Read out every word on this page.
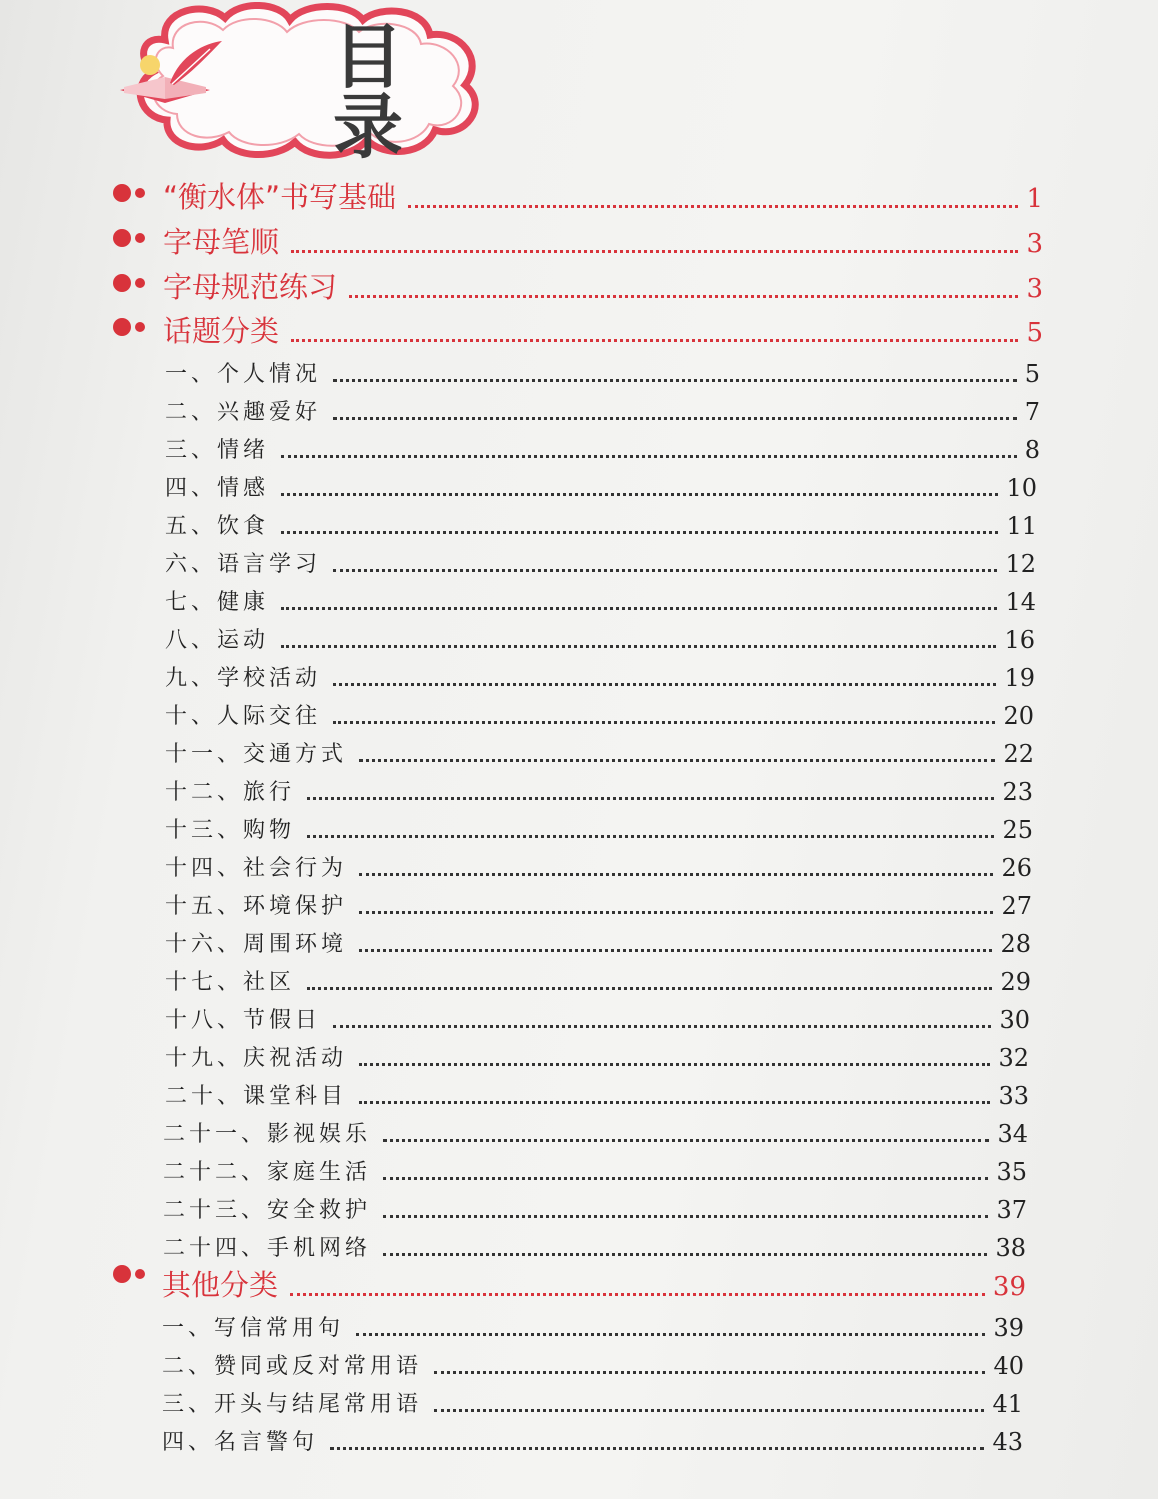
目录
“衡水体”书写基础	1
字母笔顺	3
字母规范练习	3
话题分类	5
一、个人情况	5
二、兴趣爱好	7
三、情绪	8
四、情感	10
五、饮食	11
六、语言学习	12
七、健康	14
八、运动	16
九、学校活动	19
十、人际交往	20
十一、交通方式	22
十二、旅行	23
十三、购物	25
十四、社会行为	26
十五、环境保护	27
十六、周围环境	28
十七、社区	29
十八、节假日	30
十九、庆祝活动	32
二十、课堂科目	33
二十一、影视娱乐	34
二十二、家庭生活	35
二十三、安全救护	37
二十四、手机网络	38
其他分类	39
一、写信常用句	39
二、赞同或反对常用语	40
三、开头与结尾常用语	41
四、名言警句	43
